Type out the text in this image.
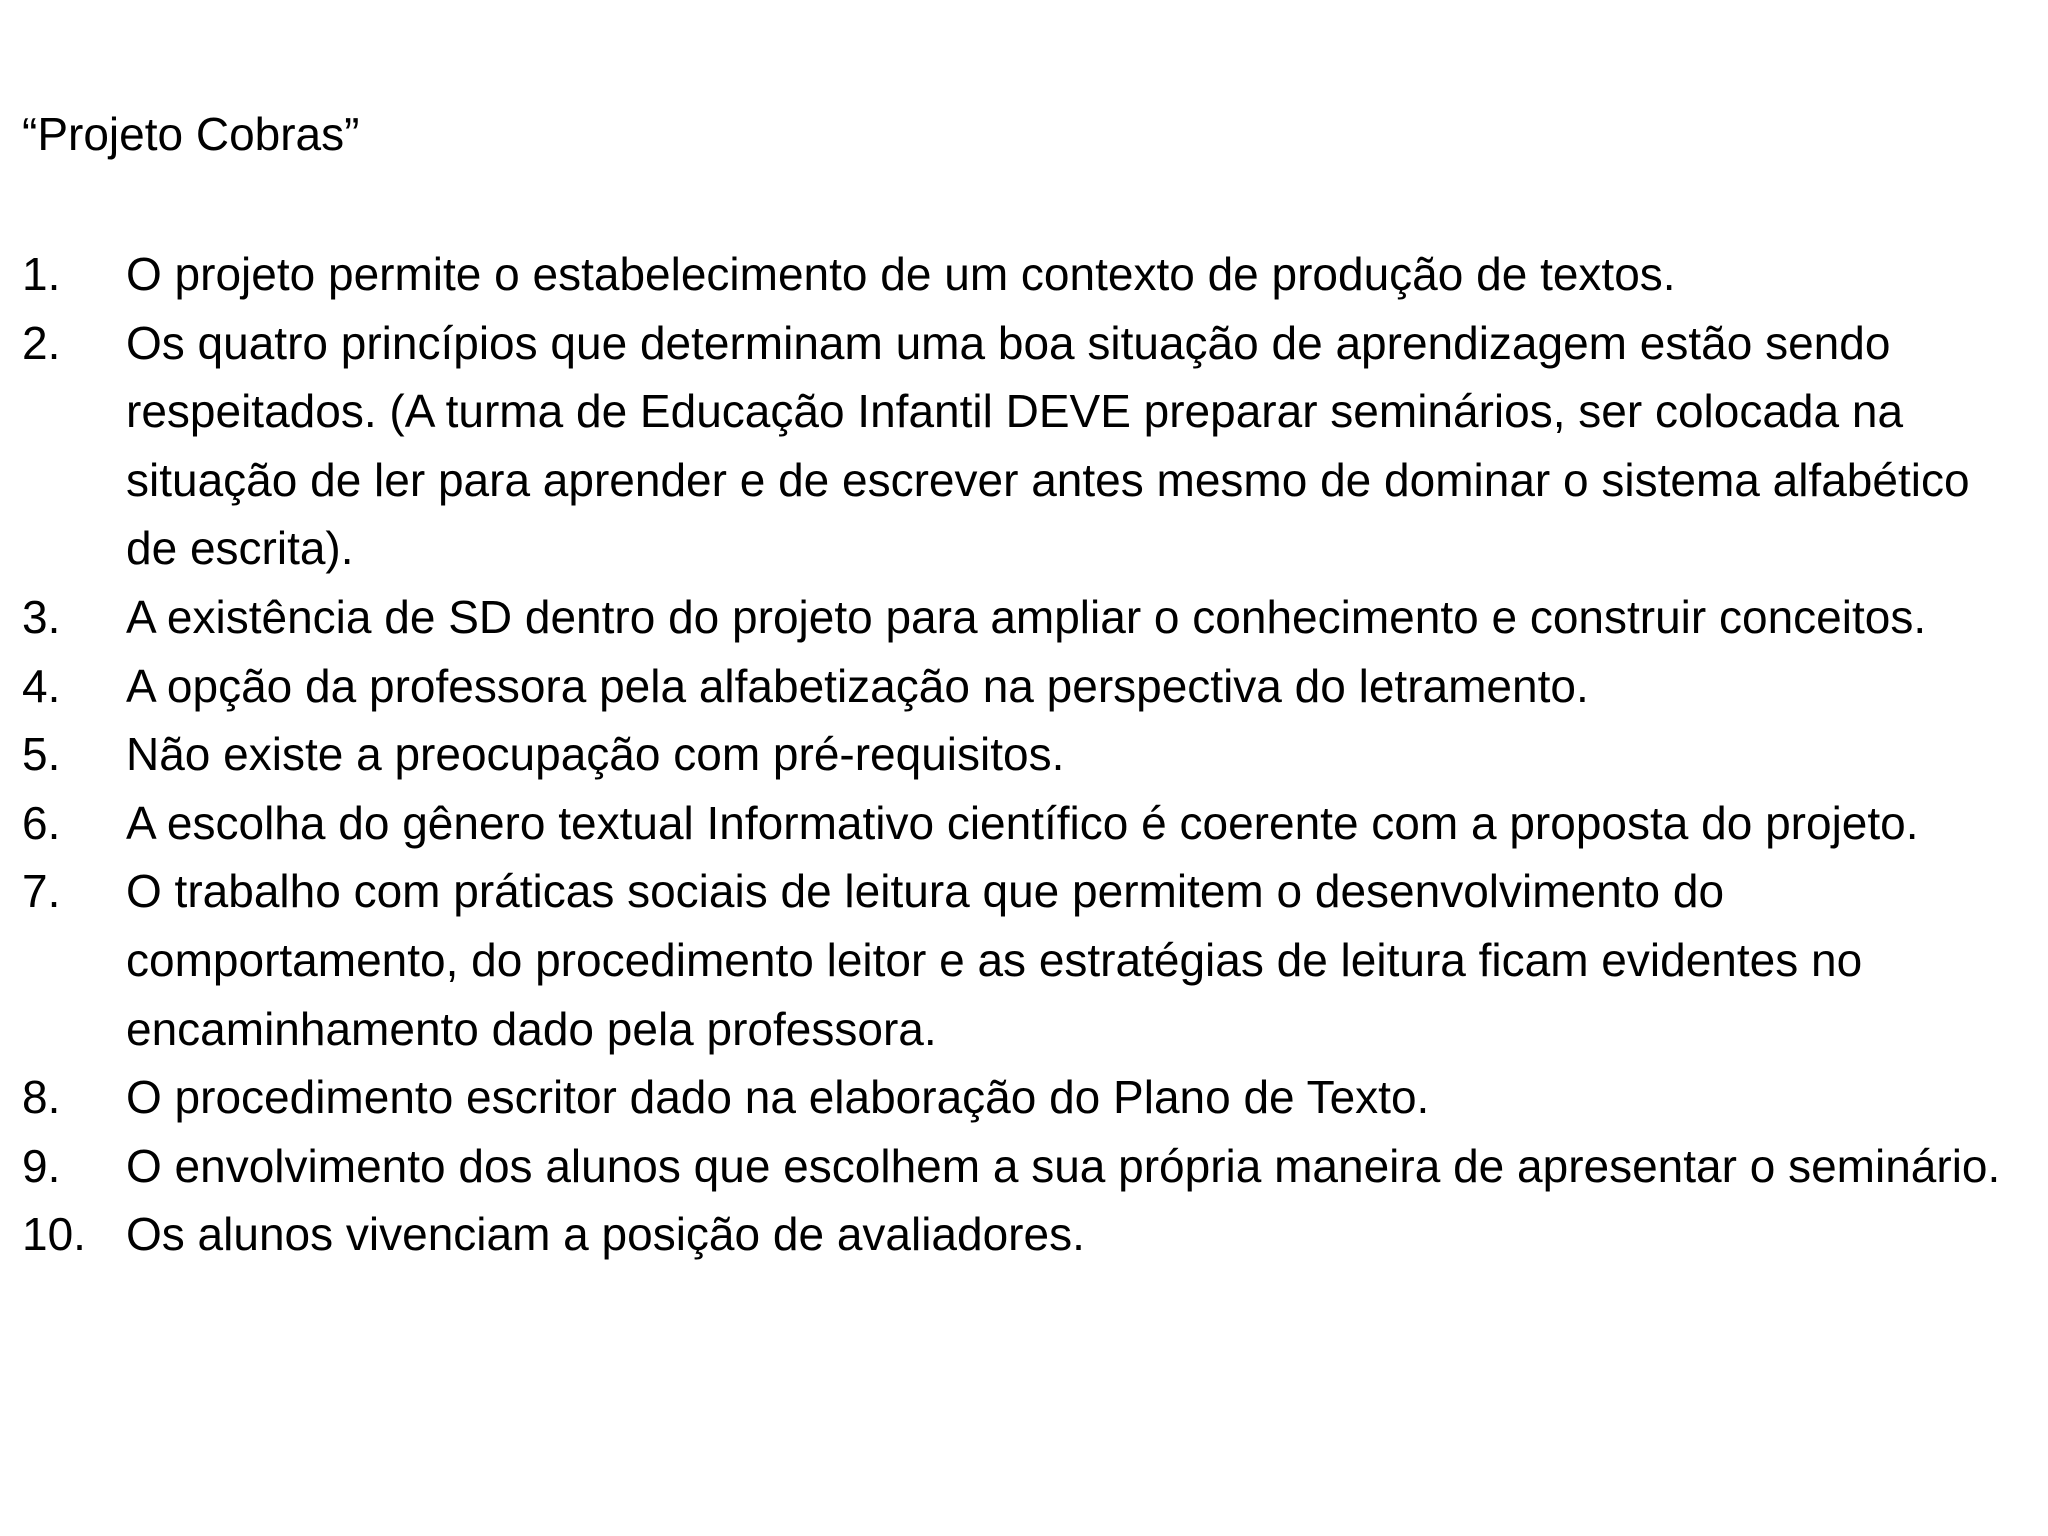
“Projeto Cobras”
1.	O projeto permite o estabelecimento de um contexto de produção de textos.
2.	Os quatro princípios que determinam uma boa situação de aprendizagem estão sendo respeitados. (A turma de Educação Infantil DEVE preparar seminários, ser colocada na situação de ler para aprender e de escrever antes mesmo de dominar o sistema alfabético de escrita).
3.	A existência de SD dentro do projeto para ampliar o conhecimento e construir conceitos.
4.	A opção da professora pela alfabetização na perspectiva do letramento.
5.	Não existe a preocupação com pré-requisitos.
6.	A escolha do gênero textual Informativo científico é coerente com a proposta do projeto.
7.	O trabalho com práticas sociais de leitura que permitem o desenvolvimento do comportamento, do procedimento leitor e as estratégias de leitura ficam evidentes no encaminhamento dado pela professora.
8.	O procedimento escritor dado na elaboração do Plano de Texto.
9.	O envolvimento dos alunos que escolhem a sua própria maneira de apresentar o seminário.
10. Os alunos vivenciam a posição de avaliadores.
